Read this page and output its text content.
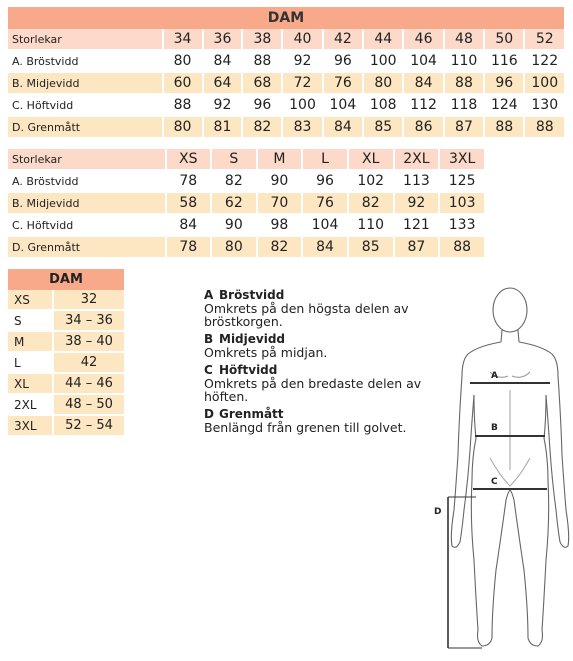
DAM										
Storlekar	34	36	38	40	42	44	46	48	50	52
A. Bröstvidd	80	84	88	92	96	100	104	110	116	122
B. Midjevidd	60	64	68	72	76	80	84	88	96	100
C. Höftvidd	88	92	96	100	104	108	112	118	124	130
D. Grenmått	80	81	82	83	84	85	86	87	88	88
Storlekar	XS	S	M	L	XL	2XL	3XL
A. Bröstvidd	78	82	90	96	102	113	125
B. Midjevidd	58	62	70	76	82	92	103
C. Höftvidd	84	90	98	104	110	121	133
D. Grenmått	78	80	82	84	85	87	88
DAM	
XS	32
S	34 – 36
M	38 – 40
L	42
XL	44 – 46
2XL	48 – 50
3XL	52 – 54
A Bröstvidd
Omkrets på den högsta delen av bröstkorgen.
B Midjevidd
Omkrets på midjan.
C Höftvidd
Omkrets på den bredaste delen av höften.
D Grenmått
Benlängd från grenen till golvet.
A
B
C
D
